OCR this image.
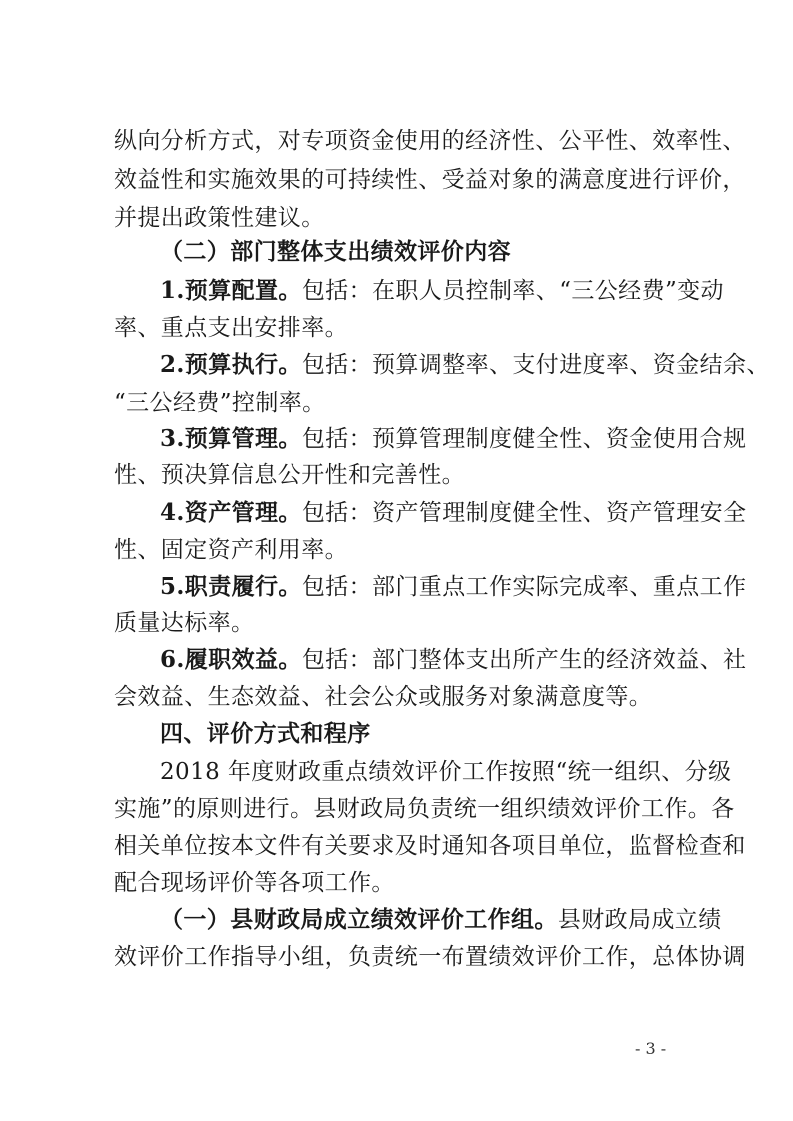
纵向分析方式，对专项资金使用的经济性、公平性、效率性、
效益性和实施效果的可持续性、受益对象的满意度进行评价，
并提出政策性建议。
（二）部门整体支出绩效评价内容
1.预算配置。包括：在职人员控制率、“三公经费”变动
率、重点支出安排率。
2.预算执行。包括：预算调整率、支付进度率、资金结余、
“三公经费”控制率。
3.预算管理。包括：预算管理制度健全性、资金使用合规
性、预决算信息公开性和完善性。
4.资产管理。包括：资产管理制度健全性、资产管理安全
性、固定资产利用率。
5.职责履行。包括：部门重点工作实际完成率、重点工作
质量达标率。
6.履职效益。包括：部门整体支出所产生的经济效益、社
会效益、生态效益、社会公众或服务对象满意度等。
四、评价方式和程序
2018 年度财政重点绩效评价工作按照“统一组织、分级
实施”的原则进行。县财政局负责统一组织绩效评价工作。各
相关单位按本文件有关要求及时通知各项目单位，监督检查和
配合现场评价等各项工作。
（一）县财政局成立绩效评价工作组。县财政局成立绩
效评价工作指导小组，负责统一布置绩效评价工作，总体协调
- 3 -
